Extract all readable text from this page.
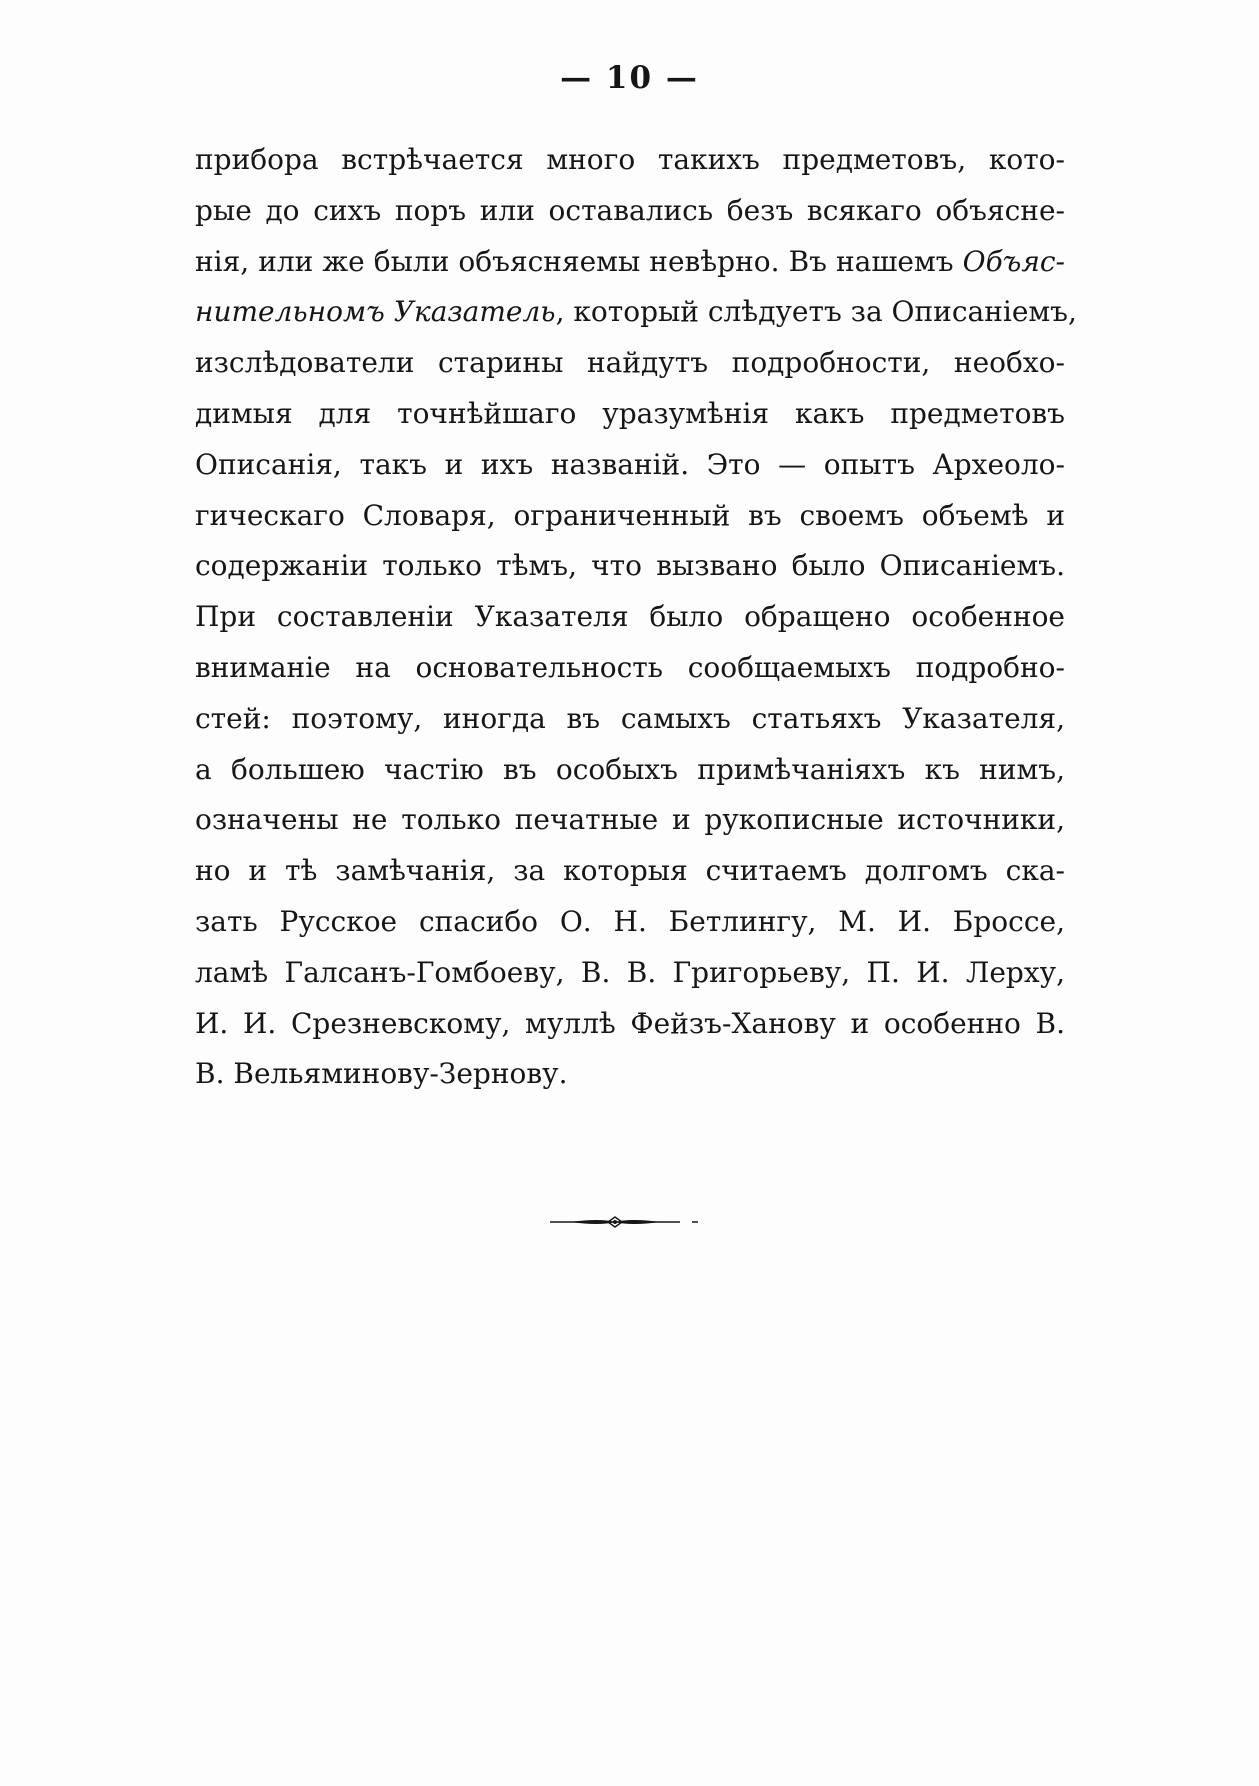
— 10 —
прибора встрѣчается много такихъ предметовъ, кото-
рые до сихъ поръ или оставались безъ всякаго объясне-
нія, или же были объясняемы невѣрно. Въ нашемъ Объяс-
нительномъ Указатель, который слѣдуетъ за Описаніемъ,
изслѣдователи старины найдутъ подробности, необхо-
димыя для точнѣйшаго уразумѣнія какъ предметовъ
Описанія, такъ и ихъ названій. Это — опытъ Археоло-
гическаго Словаря, ограниченный въ своемъ объемѣ и
содержаніи только тѣмъ, что вызвано было Описаніемъ.
При составленіи Указателя было обращено особенное
вниманіе на основательность сообщаемыхъ подробно-
стей: поэтому, иногда въ самыхъ статьяхъ Указателя,
а большею частію въ особыхъ примѣчаніяхъ къ нимъ,
означены не только печатные и рукописные источники,
но и тѣ замѣчанія, за которыя считаемъ долгомъ ска-
зать Русское спасибо О. Н. Бетлингу, М. И. Броссе,
ламѣ Галсанъ-Гомбоеву, В. В. Григорьеву, П. И. Лерху,
И. И. Срезневскому, муллѣ Фейзъ-Ханову и особенно В.
В. Вельяминову-Зернову.
